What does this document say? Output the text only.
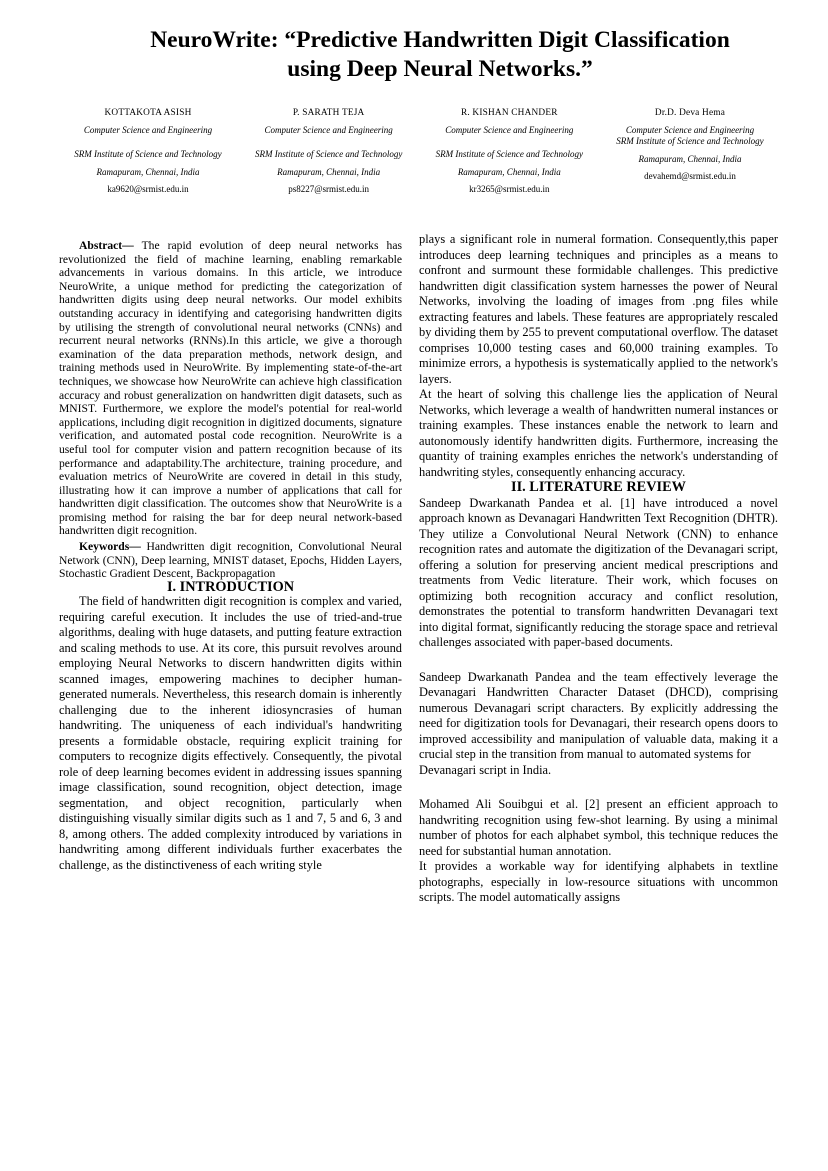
NeuroWrite: “Predictive Handwritten Digit Classification
using Deep Neural Networks.”
KOTTAKOTA ASISH
Computer Science and Engineering
SRM Institute of Science and Technology
Ramapuram, Chennai, India
ka9620@srmist.edu.in
P. SARATH TEJA
Computer Science and Engineering
SRM Institute of Science and Technology
Ramapuram, Chennai, India
ps8227@srmist.edu.in
R. KISHAN CHANDER
Computer Science and Engineering
SRM Institute of Science and Technology
Ramapuram, Chennai, India
kr3265@srmist.edu.in
Dr.D. Deva Hema
Computer Science and Engineering
SRM Institute of Science and Technology
Ramapuram, Chennai, India
devahemd@srmist.edu.in

Abstract— The rapid evolution of deep neural networks has revolutionized the field of machine learning, enabling remarkable advancements in various domains. In this article, we introduce NeuroWrite, a unique method for predicting the categorization of handwritten digits using deep neural networks. Our model exhibits outstanding accuracy in identifying and categorising handwritten digits by utilising the strength of convolutional neural networks (CNNs) and recurrent neural networks (RNNs).In this article, we give a thorough examination of the data preparation methods, network design, and training methods used in NeuroWrite. By implementing state-of-the-art techniques, we showcase how NeuroWrite can achieve high classification accuracy and robust generalization on handwritten digit datasets, such as MNIST. Furthermore, we explore the model's potential for real-world applications, including digit recognition in digitized documents, signature verification, and automated postal code recognition. NeuroWrite is a useful tool for computer vision and pattern recognition because of its performance and adaptability.The architecture, training procedure, and evaluation metrics of NeuroWrite are covered in detail in this study, illustrating how it can improve a number of applications that call for handwritten digit classification. The outcomes show that NeuroWrite is a promising method for raising the bar for deep neural network-based handwritten digit recognition.

Keywords— Handwritten digit recognition, Convolutional Neural Network (CNN), Deep learning, MNIST dataset, Epochs, Hidden Layers, Stochastic Gradient Descent, Backpropagation

I. INTRODUCTION

The field of handwritten digit recognition is complex and varied, requiring careful execution. It includes the use of tried-and-true algorithms, dealing with huge datasets, and putting feature extraction and scaling methods to use. At its core, this pursuit revolves around employing Neural Networks to discern handwritten digits within scanned images, empowering machines to decipher human-generated numerals. Nevertheless, this research domain is inherently challenging due to the inherent idiosyncrasies of human handwriting. The uniqueness of each individual's handwriting presents a formidable obstacle, requiring explicit training for computers to recognize digits effectively. Consequently, the pivotal role of deep learning becomes evident in addressing issues spanning image classification, sound recognition, object detection, image segmentation, and object recognition, particularly when distinguishing visually similar digits such as 1 and 7, 5 and 6, 3 and 8, among others. The added complexity introduced by variations in handwriting among different individuals further exacerbates the challenge, as the distinctiveness of each writing style

plays a significant role in numeral formation. Consequently,this paper introduces deep learning techniques and principles as a means to confront and surmount these formidable challenges. This predictive handwritten digit classification system harnesses the power of Neural Networks, involving the loading of images from .png files while extracting features and labels. These features are appropriately rescaled by dividing them by 255 to prevent computational overflow. The dataset comprises 10,000 testing cases and 60,000 training examples. To minimize errors, a hypothesis is systematically applied to the network's layers.

At the heart of solving this challenge lies the application of Neural Networks, which leverage a wealth of handwritten numeral instances or training examples. These instances enable the network to learn and autonomously identify handwritten digits. Furthermore, increasing the quantity of training examples enriches the network's understanding of handwriting styles, consequently enhancing accuracy.

II. LITERATURE REVIEW

Sandeep Dwarkanath Pandea et al. [1] have introduced a novel approach known as Devanagari Handwritten Text Recognition (DHTR). They utilize a Convolutional Neural Network (CNN) to enhance recognition rates and automate the digitization of the Devanagari script, offering a solution for preserving ancient medical prescriptions and treatments from Vedic literature. Their work, which focuses on optimizing both recognition accuracy and conflict resolution, demonstrates the potential to transform handwritten Devanagari text into digital format, significantly reducing the storage space and retrieval challenges associated with paper-based documents.

Sandeep Dwarkanath Pandea and the team effectively leverage the Devanagari Handwritten Character Dataset (DHCD), comprising numerous Devanagari script characters. By explicitly addressing the need for digitization tools for Devanagari, their research opens doors to improved accessibility and manipulation of valuable data, making it a crucial step in the transition from manual to automated systems for
Devanagari script in India.

Mohamed Ali Souibgui et al. [2] present an efficient approach to handwriting recognition using few-shot learning. By using a minimal number of photos for each alphabet symbol, this technique reduces the need for substantial human annotation.

It provides a workable way for identifying alphabets in textline photographs, especially in low-resource situations with uncommon scripts. The model automatically assigns
